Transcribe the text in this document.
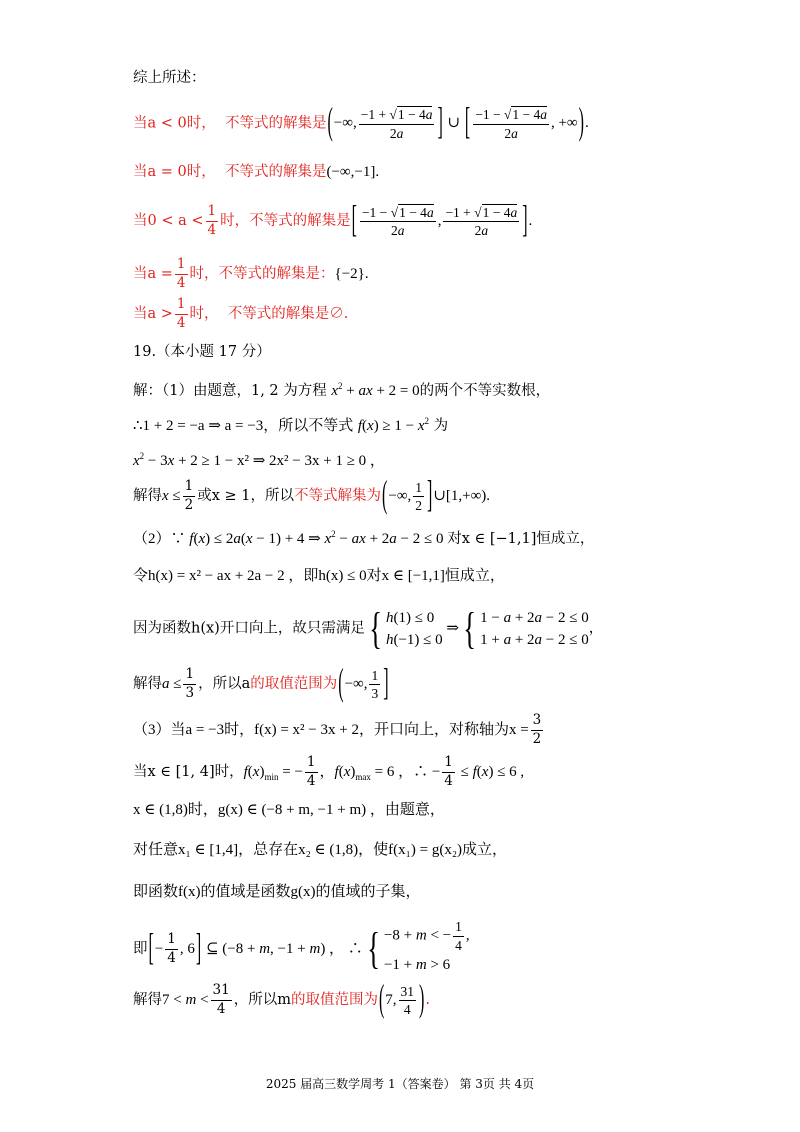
综上所述：
当a < 0时， 不等式的解集是(−∞, $\frac{-1 + √1 - 4a}{2a}$ ] ∪ [ $\frac{-1 - √1 - 4a}{2a}$ , +∞).
当a = 0时， 不等式的解集是(−∞,−1].
当$0 < a < \frac{1}{4}$ 时，不等式的解集是[ $\frac{-1 - √1 - 4a}{2a}$ , $\frac{-1 + √1 - 4a}{2a}$ ].
当$a = \frac{1}{4}$ 时，不等式的解集是：{−2}.
当$a > \frac{1}{4}$ 时， 不等式的解集是∅.
19.（本小题 17 分）
解：（1）由题意，1, 2 为方程 $x^2$ + ax + 2 = 0的两个不等实数根，
∴1 + 2 = −a ⇒ a = −3，所以不等式 $f(x) \ge 1 - x^2$ 为
$x^2 - 3x + 2 \ge 1 - x^2$ ⇒ 2x² − 3x + 1 ≥ 0 ，
解得$x \le \frac{1}{2}$ 或x ≥ 1，所以不等式解集为(−∞, $\frac{1}{2}$ ]∪[1,+∞).
（2）∵ f(x) ≤ 2a(x − 1) + 4 ⇒ $x^2$ − ax + 2a − 2 ≤ 0 对x ∈ [−1,1]恒成立，
令h(x) = x² − ax + 2a − 2 ，即h(x) ≤ 0对x ∈ [−1,1]恒成立，
因为函数h(x)开口向上，故只需满足{ h(1) ≤ 0
h(−1) ≤ 0
⇒{ 1 − a + 2a − 2 ≤ 0
1 + a + 2a − 2 ≤ 0
，
解得$a \le \frac{1}{3}$ ，所以a的取值范围为(−∞, $\frac{1}{3}$ ]
（3）当a = −3时，f(x) = x² − 3x + 2，开口向上，对称轴为$x = \frac{3}{2}$
当x ∈ [1, 4]时，$f(x)_{min}$ = − $\frac{1}{4}$ ，$f(x)_{max} = 6$ ，∴ − $\frac{1}{4} \le f(x) \le 6$ ,
x ∈ (1,8)时，g(x) ∈ (−8 + m, −1 + m) ，由题意，
对任意x₁ ∈ [1,4]，总存在x₂ ∈ (1,8)，使f(x₁) = g(x₂)成立，
即函数f(x)的值域是函数g(x)的值域的子集，
即[− $\frac{1}{4}$ , 6] ⊆ (−8 + m, −1 + m) ， ∴{ −8 + m < − $\frac{1}{4}$ ,
−1 + m > 6
解得$7 < m < \frac{31}{4}$ ，所以m的取值范围为(7, $\frac{31}{4}$ ).
2025 届高三数学周考 1（答案卷） 第 3页 共 4页
